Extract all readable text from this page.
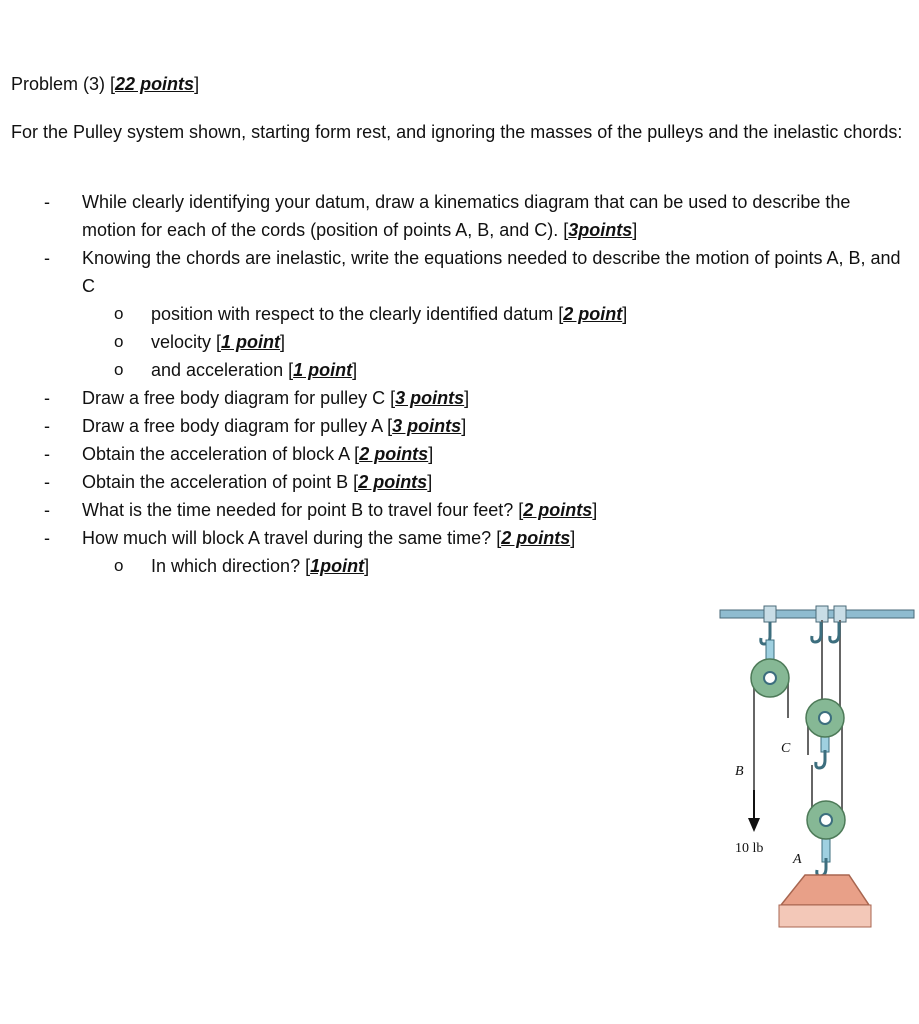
Problem (3) [22 points]

For the Pulley system shown, starting form rest, and ignoring the masses of the pulleys and the inelastic chords:

- While clearly identifying your datum, draw a kinematics diagram that can be used to describe the motion for each of the cords (position of points A, B, and C). [3points]
- Knowing the chords are inelastic, write the equations needed to describe the motion of points A, B, and C
o position with respect to the clearly identified datum [2 point]
o velocity [1 point]
o and acceleration [1 point]
- Draw a free body diagram for pulley C [3 points]
- Draw a free body diagram for pulley A [3 points]
- Obtain the acceleration of block A [2 points]
- Obtain the acceleration of point B [2 points]
- What is the time needed for point B to travel four feet? [2 points]
- How much will block A travel during the same time? [2 points]
o In which direction? [1point]
B
C
A
10 lb
